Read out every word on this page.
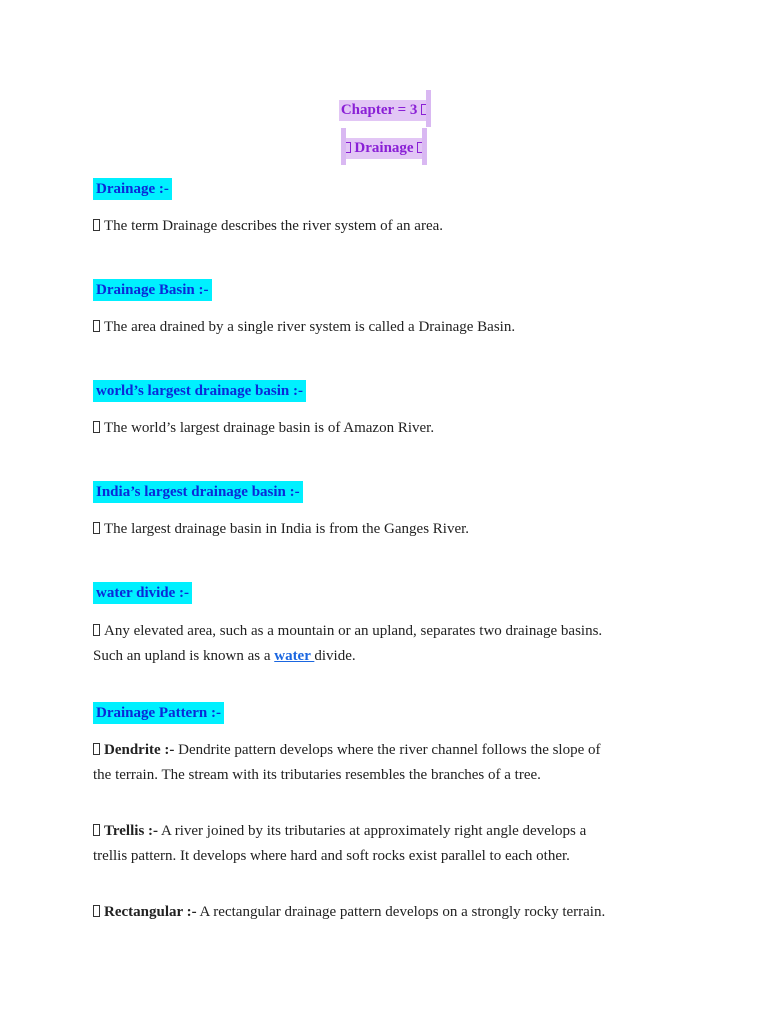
Chapter = 3
Drainage
Drainage :-
The term Drainage describes the river system of an area.
Drainage Basin :-
The area drained by a single river system is called a Drainage Basin.
world’s largest drainage basin :-
The world’s largest drainage basin is of Amazon River.
India’s largest drainage basin :-
The largest drainage basin in India is from the Ganges River.
water divide :-
Any elevated area, such as a mountain or an upland, separates two drainage basins.
Such an upland is known as a water divide.
Drainage Pattern :-
Dendrite :- Dendrite pattern develops where the river channel follows the slope of
the terrain. The stream with its tributaries resembles the branches of a tree.
Trellis :- A river joined by its tributaries at approximately right angle develops a
trellis pattern. It develops where hard and soft rocks exist parallel to each other.
Rectangular :- A rectangular drainage pattern develops on a strongly rocky terrain.
